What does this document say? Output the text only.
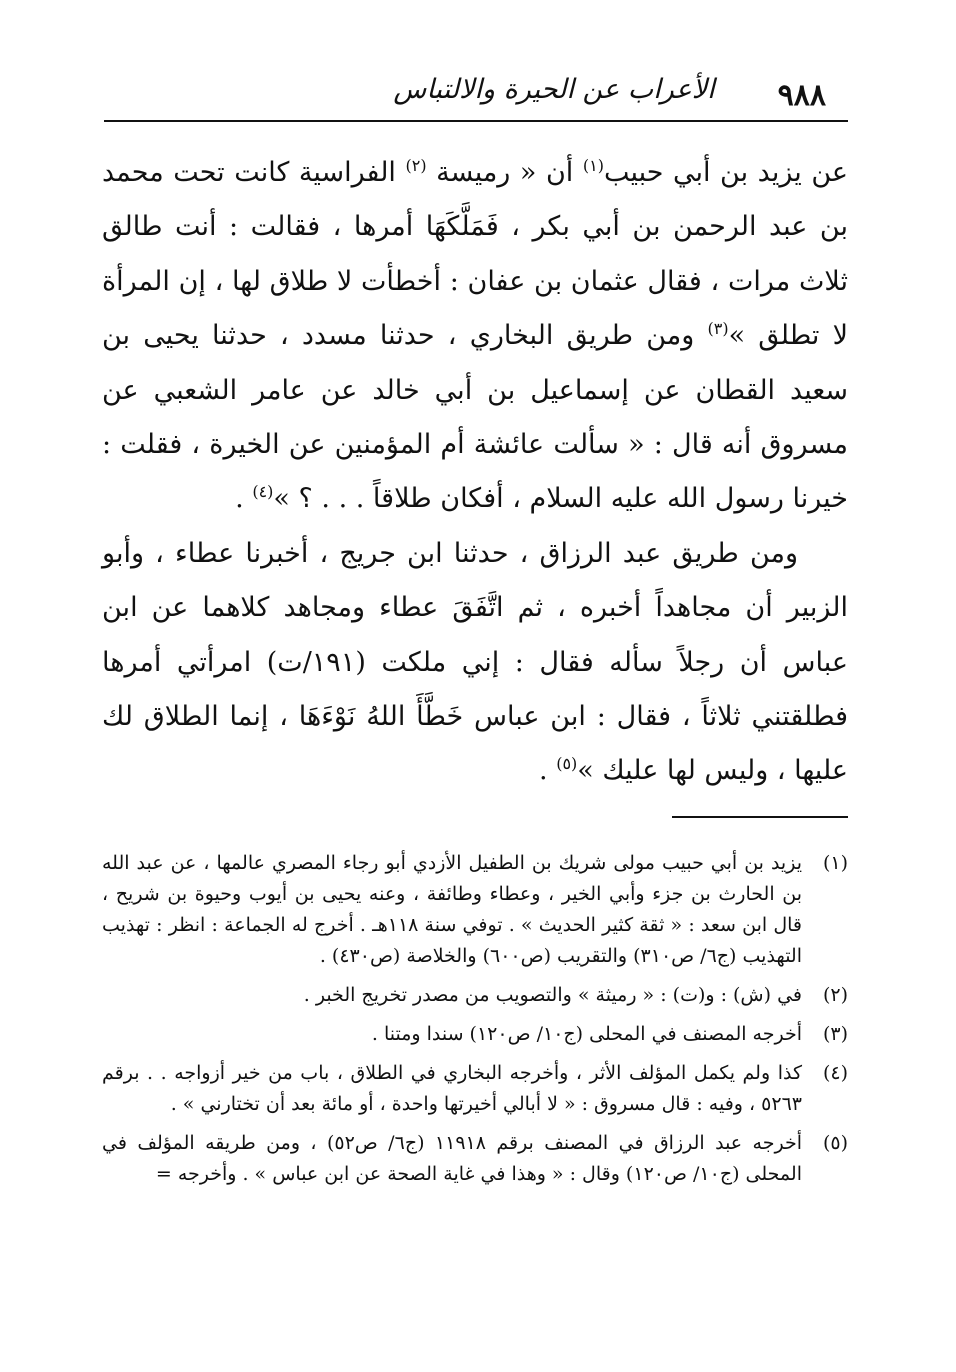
٩٨٨
الأعراب عن الحيرة والالتباس

عن يزيد بن أبي حبيب$^{(١)}$ أن « رميسة $^{(٢)}$ الفراسية كانت تحت محمد بن عبد الرحمن بن أبي بكر ، فَمَلَّكَهَا أمرها ، فقالت : أنت طالق ثلاث مرات ، فقال عثمان بن عفان : أخطأت لا طلاق لها ، إن المرأة لا تطلق »$^{(٣)}$ ومن طريق البخاري ، حدثنا مسدد ، حدثنا يحيى بن سعيد القطان عن إسماعيل بن أبي خالد عن عامر الشعبي عن مسروق أنه قال : « سألت عائشة أم المؤمنين عن الخيرة ، فقلت : خيرنا رسول الله عليه السلام ، أفكان طلاقاً . . . ؟ »$^{(٤)}$ .

ومن طريق عبد الرزاق ، حدثنا ابن جريج ، أخبرنا عطاء ، وأبو الزبير أن مجاهداً أخبره ، ثم اتَّفَقَ عطاء ومجاهد كلاهما عن ابن عباس أن رجلاً سأله فقال : إني ملكت (١٩١/ت) امرأتي أمرها فطلقتني ثلاثاً ، فقال : ابن عباس خَطَّأَ اللهُ نَوْءَهَا ، إنما الطلاق لك عليها ، وليس لها عليك »$^{(٥)}$ .

(١)
يزيد بن أبي حبيب مولى شريك بن الطفيل الأزدي أبو رجاء المصري عالمها ، عن عبد الله بن الحارث بن جزء وأبي الخير ، وعطاء وطائفة ، وعنه يحيى بن أيوب وحيوة بن شريح ، قال ابن سعد : « ثقة كثير الحديث » . توفي سنة ١١٨هـ . أخرج له الجماعة : انظر : تهذيب التهذيب (ج٦/ ص٣١٠) والتقريب (ص٦٠٠) والخلاصة (ص٤٣٠) .
(٢)
في (ش) : و(ت) : « رميثة » والتصويب من مصدر تخريج الخبر .
(٣)
أخرجه المصنف في المحلى (ج١٠/ ص١٢٠) سندا ومتنا .
(٤)
كذا ولم يكمل المؤلف الأثر ، وأخرجه البخاري في الطلاق ، باب من خير أزواجه . . برقم ٥٢٦٣ ، وفيه : قال مسروق : « لا أبالي أخيرتها واحدة ، أو مائة بعد أن تختارني » .
(٥)
أخرجه عبد الرزاق في المصنف برقم ١١٩١٨ (ج٦/ ص٥٢) ، ومن طريقه المؤلف في المحلى (ج١٠/ ص١٢٠) وقال : « وهذا في غاية الصحة عن ابن عباس » . وأخرجه =
